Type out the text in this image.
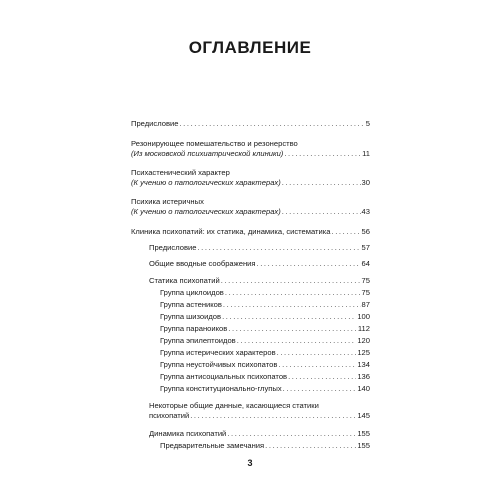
ОГЛАВЛЕНИЕ
Предисловие .....	5
Резонирующее помешательство и резонерство
(Из московской психиатрической клиники) .....	11
Психастенический характер
(К учению о патологических характерах) .....	30
Психика истеричных
(К учению о патологических характерах) .....	43
Клиника психопатий: их статика, динамика, систематика .....	56
Предисловие .....	57
Общие вводные соображения .....	64
Статика психопатий .....	75
Группа циклоидов .....	75
Группа астеников .....	87
Группа шизоидов .....	100
Группа параноиков .....	112
Группа эпилептоидов .....	120
Группа истерических характеров .....	125
Группа неустойчивых психопатов .....	134
Группа антисоциальных психопатов .....	136
Группа конституционально-глупых .....	140
Некоторые общие данные, касающиеся статики
психопатий .....	145
Динамика психопатий .....	155
Предварительные замечания .....	155
3
